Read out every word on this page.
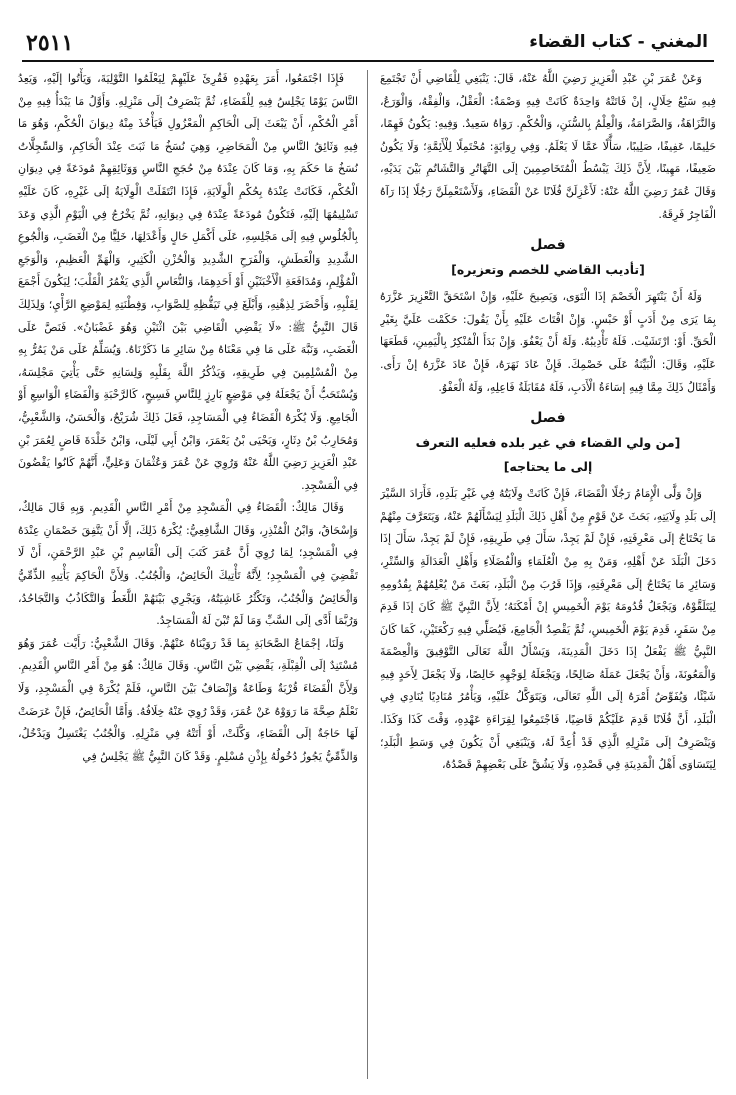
٢٥١١	المغني - كتاب القضاء

وَعَنْ عُمَرَ بْنِ عَبْدِ الْعَزِيزِ رَضِيَ اللَّهُ عَنْهُ، قَالَ: يَنْبَغِي لِلْقَاضِي أَنْ تَجْتَمِعَ فِيهِ سَبْعُ خِلَالٍ، إنْ فَاتَتْهُ وَاحِدَةٌ كَانَتْ فِيهِ وَصْمَةٌ: الْعَقْلُ، وَالْفِقْهُ، وَالْوَرَعُ، وَالنَّزَاهَةُ، وَالصَّرَامَةُ، وَالْعِلْمُ بِالسُّنَنِ، وَالْحُكْمِ. رَوَاهُ سَعِيدٌ. وَفِيهِ: يَكُونُ فَهِمًا، حَلِيمًا، عَفِيفًا، صَلِيبًا، سَأَّلًا عَمَّا لَا يَعْلَمُ. وَفِي رِوَايَةٍ: مُحْتَمِلًا لِلْأَئِمَّةِ؛ وَلَا يَكُونُ ضَعِيفًا، مَهِينًا، لِأَنَّ ذَلِكَ يَبْسُطُ الْمُتَخَاصِمِينَ إلَى التَّهَاتُرِ وَالتَّشَاتُمِ بَيْنَ يَدَيْهِ، وَقَالَ عُمَرُ رَضِيَ اللَّهُ عَنْهُ: لَأَعْزِلَنَّ فُلَانًا عَنْ الْقَضَاءِ، وَلَأَسْتَعْمِلَنَّ رَجُلًا إذَا رَآهُ الْفَاجِرُ فَرِقَهُ.

فصل

[تأديب القاضي للخصم وتعزيره]

وَلَهُ أَنْ يَنْتَهِرَ الْخَصْمَ إذَا الْتَوَى، وَيَصِيحَ عَلَيْهِ، وَإِنْ اسْتَحَقَّ التَّعْزِيرَ عَزَّرَهُ بِمَا يَرَى مِنْ أَدَبٍ أَوْ حَبْسٍ. وَإِنْ افْتَاتَ عَلَيْهِ بِأَنْ يَقُولَ: حَكَمْت عَلَيَّ بِغَيْرِ الْحَقِّ. أَوْ: ارْتَشَيْت. فَلَهُ تَأْدِيبُهُ. وَلَهُ أَنْ يَعْفُوَ. وَإِنْ بَدَأَ الْمُنْكِرُ بِالْيَمِينِ، قَطَعَهَا عَلَيْهِ، وَقَالَ: الْبَيِّنَةُ عَلَى خَصْمِكَ. فَإِنْ عَادَ نَهَرَهُ، فَإِنْ عَادَ عَزَّرَهُ إنْ رَأَى. وَأَمْثَالُ ذَلِكَ مِمَّا فِيهِ إسَاءَةُ الْأَدَبِ، فَلَهُ مُقَابَلَةُ فَاعِلِهِ، وَلَهُ الْعَفْوُ.

فصل

[من ولي القضاء في غير بلده فعليه التعرف

إلى ما يحتاجه]

وَإِنْ وَلَّى الْإِمَامُ رَجُلًا الْقَضَاءَ، فَإِنْ كَانَتْ وِلَايَتُهُ فِي غَيْرِ بَلَدِهِ، فَأَرَادَ السَّيْرَ إلَى بَلَدِ وِلَايَتِهِ، بَحَثَ عَنْ قَوْمٍ مِنْ أَهْلِ ذَلِكَ الْبَلَدِ لِيَسْأَلَهُمْ عَنْهُ، وَيَتَعَرَّفَ مِنْهُمْ مَا يَحْتَاجُ إلَى مَعْرِفَتِهِ، فَإِنْ لَمْ يَجِدْ، سَأَلَ فِي طَرِيقِهِ، فَإِنْ لَمْ يَجِدْ، سَأَلَ إذَا دَخَلَ الْبَلَدَ عَنْ أَهْلِهِ، وَمَنْ بِهِ مِنْ الْعُلَمَاءِ وَالْفُضَلَاءِ وَأَهْلِ الْعَدَالَةِ وَالسِّتْرِ، وَسَائِرِ مَا يَحْتَاجُ إلَى مَعْرِفَتِهِ، وَإِذَا قَرُبَ مِنْ الْبَلَدِ، بَعَثَ مَنْ يُعْلِمُهُمْ بِقُدُومِهِ لِيَتَلَقَّوْهُ، وَيَجْعَلُ قُدُومَهُ يَوْمَ الْخَمِيسِ إنْ أَمْكَنَهُ؛ لِأَنَّ النَّبِيَّ ﷺ كَانَ إذَا قَدِمَ مِنْ سَفَرٍ، قَدِمَ يَوْمَ الْخَمِيسِ، ثُمَّ يَقْصِدُ الْجَامِعَ، فَيُصَلِّي فِيهِ رَكْعَتَيْنِ، كَمَا كَانَ النَّبِيُّ ﷺ يَفْعَلُ إذَا دَخَلَ الْمَدِينَةَ، وَيَسْأَلُ اللَّهَ تَعَالَى التَّوْفِيقَ وَالْعِصْمَةَ وَالْمَعُونَةَ، وَأَنْ يَجْعَلَ عَمَلَهُ صَالِحًا، وَيَجْعَلَهُ لِوَجْهِهِ خَالِصًا، وَلَا يَجْعَلَ لِأَحَدٍ فِيهِ شَيْئًا، وَيُفَوِّضُ أَمْرَهُ إلَى اللَّهِ تَعَالَى، وَيَتَوَكَّلُ عَلَيْهِ، وَيَأْمُرُ مُنَادِيًا يُنَادِي فِي الْبَلَدِ، أَنَّ فُلَانًا قَدِمَ عَلَيْكُمْ قَاضِيًا، فَاجْتَمِعُوا لِقِرَاءَةِ عَهْدِهِ، وَقْتَ كَذَا وَكَذَا. وَيَنْصَرِفُ إلَى مَنْزِلِهِ الَّذِي قَدْ أُعِدَّ لَهُ، وَيَنْبَغِي أَنْ يَكُونَ فِي وَسَطِ الْبَلَدِ؛ لِيَتَسَاوَى أَهْلُ الْمَدِينَةِ فِي قَصْدِهِ، وَلَا يَشُقَّ عَلَى بَعْضِهِمْ قَصْدُهُ،

فَإِذَا اجْتَمَعُوا، أَمَرَ بِعَهْدِهِ فَقُرِئَ عَلَيْهِمْ لِيَعْلَمُوا التَّوْلِيَةَ، وَيَأْتُوا إلَيْهِ، وَيَعِدُ النَّاسَ يَوْمًا يَجْلِسُ فِيهِ لِلْقَضَاءِ، ثُمَّ يَنْصَرِفُ إلَى مَنْزِلِهِ. وَأَوَّلُ مَا يَبْدَأُ فِيهِ مِنْ أَمْرِ الْحُكْمِ، أَنْ يَبْعَثَ إلَى الْحَاكِمِ الْمَعْزُولِ فَيَأْخُذَ مِنْهُ دِيوَانَ الْحُكْمِ، وَهُوَ مَا فِيهِ وَثَائِقُ النَّاسِ مِنْ الْمَحَاضِرِ، وَهِيَ نُسَخُ مَا ثَبَتَ عِنْدَ الْحَاكِمِ، وَالسِّجِلَّاتُ نُسَخُ مَا حَكَمَ بِهِ، وَمَا كَانَ عِنْدَهُ مِنْ حُجَجِ النَّاسِ وَوَثَائِقِهِمْ مُودَعَةً فِي دِيوَانِ الْحُكْمِ، فَكَانَتْ عِنْدَهُ بِحُكْمِ الْوِلَايَةِ، فَإِذَا انْتَقَلَتْ الْوِلَايَةُ إلَى غَيْرِهِ، كَانَ عَلَيْهِ تَسْلِيمُهَا إلَيْهِ، فَتَكُونُ مُودَعَةً عِنْدَهُ فِي دِيوَانِهِ، ثُمَّ يَخْرُجُ فِي الْيَوْمِ الَّذِي وَعَدَ بِالْجُلُوسِ فِيهِ إلَى مَجْلِسِهِ، عَلَى أَكْمَلِ حَالٍ وَأَعْدَلِهَا، خَلِيًّا مِنْ الْغَضَبِ، وَالْجُوعِ الشَّدِيدِ وَالْعَطَشِ، وَالْفَرَحِ الشَّدِيدِ وَالْحُزْنِ الْكَثِيرِ، وَالْهَمِّ الْعَظِيمِ، وَالْوَجَعِ الْمُؤْلِمِ، وَمُدَافَعَةِ الْأَخْبَثَيْنِ أَوْ أَحَدِهِمَا، وَالنُّعَاسِ الَّذِي يَغْمُرُ الْقَلْبَ؛ لِيَكُونَ أَجْمَعَ لِقَلْبِهِ، وَأَحْضَرَ لِذِهْنِهِ، وَأَبْلَغَ فِي تَيَقُّظِهِ لِلصَّوَابِ، وَفِطْنَتِهِ لِمَوْضِعِ الرَّأْيِ؛ وَلِذَلِكَ قَالَ النَّبِيُّ ﷺ: «لَا يَقْضِي الْقَاضِي بَيْنَ اثْنَيْنِ وَهُوَ غَضْبَانُ». فَنَصَّ عَلَى الْغَضَبِ، وَنَبَّهَ عَلَى مَا فِي مَعْنَاهُ مِنْ سَائِرِ مَا ذَكَرْنَاهُ. وَيُسَلِّمُ عَلَى مَنْ يَمُرُّ بِهِ مِنْ الْمُسْلِمِينَ فِي طَرِيقِهِ، وَيَذْكُرُ اللَّهَ بِقَلْبِهِ وَلِسَانِهِ حَتَّى يَأْتِيَ مَجْلِسَهُ، وَيُسْتَحَبُّ أَنْ يَجْعَلَهُ فِي مَوْضِعٍ بَارِزٍ لِلنَّاسِ فَسِيحٍ، كَالرَّحْبَةِ وَالْفَضَاءِ الْوَاسِعِ أَوْ الْجَامِعِ. وَلَا يُكْرَهُ الْقَضَاءُ فِي الْمَسَاجِدِ، فَعَلَ ذَلِكَ شُرَيْحٌ، وَالْحَسَنُ، وَالشَّعْبِيُّ، وَمُحَارِبُ بْنُ دِثَارٍ، وَيَحْيَى بْنُ يَعْمَرَ، وَابْنُ أَبِي لَيْلَى، وَابْنُ خَلْدَةَ قَاضٍ لِعُمَرَ بْنِ عَبْدِ الْعَزِيزِ رَضِيَ اللَّهُ عَنْهُ وَرُوِيَ عَنْ عُمَرَ وَعُثْمَانَ وَعَلِيٍّ، أَنَّهُمْ كَانُوا يَقْضُونَ فِي الْمَسْجِدِ.

وَقَالَ مَالِكٌ: الْقَضَاءُ فِي الْمَسْجِدِ مِنْ أَمْرِ النَّاسِ الْقَدِيمِ. وَبِهِ قَالَ مَالِكٌ، وَإِسْحَاقُ، وَابْنُ الْمُنْذِرِ، وَقَالَ الشَّافِعِيُّ: يُكْرَهُ ذَلِكَ، إلَّا أَنْ يَتَّفِقَ خَصْمَانِ عِنْدَهُ فِي الْمَسْجِدِ؛ لِمَا رُوِيَ أَنَّ عُمَرَ كَتَبَ إلَى الْقَاسِمِ بْنِ عَبْدِ الرَّحْمَنِ، أَنْ لَا تَقْضِيَ فِي الْمَسْجِدِ؛ لِأَنَّهُ تَأْتِيكَ الْحَائِضُ، وَالْجُنُبُ. وَلِأَنَّ الْحَاكِمَ يَأْتِيهِ الذِّمِّيُّ وَالْحَائِضُ وَالْجُنُبُ، وَتَكْثُرُ غَاشِيَتُهُ، وَيَجْرِي بَيْنَهُمْ اللَّغَطُ وَالتَّكَاذُبُ وَالتَّجَاحُدُ، وَرُبَّمَا أَدَّى إلَى السَّبِّ وَمَا لَمْ تُبْنَ لَهُ الْمَسَاجِدُ.

وَلَنَا، إجْمَاعُ الصَّحَابَةِ بِمَا قَدْ رَوَيْنَاهُ عَنْهُمْ. وَقَالَ الشَّعْبِيُّ: رَأَيْت عُمَرَ وَهُوَ مُسْتَنِدٌ إلَى الْقِبْلَةِ، يَقْضِي بَيْنَ النَّاسِ. وَقَالَ مَالِكٌ: هُوَ مِنْ أَمْرِ النَّاسِ الْقَدِيمِ. وَلِأَنَّ الْقَضَاءَ قُرْبَةٌ وَطَاعَةٌ وَإِنْصَافٌ بَيْنَ النَّاسِ، فَلَمْ يُكْرَهْ فِي الْمَسْجِدِ، وَلَا نَعْلَمُ صِحَّةَ مَا رَوَوْهُ عَنْ عُمَرَ، وَقَدْ رُوِيَ عَنْهُ خِلَافُهُ. وَأَمَّا الْحَائِضُ، فَإِنْ عَرَضَتْ لَهَا حَاجَةٌ إلَى الْقَضَاءِ، وَكَّلَتْ، أَوْ أَتَتْهُ فِي مَنْزِلِهِ. وَالْجُنُبُ يَغْتَسِلُ وَيَدْخُلُ، وَالذِّمِّيُّ يَجُوزُ دُخُولُهُ بِإِذْنِ مُسْلِمٍ. وَقَدْ كَانَ النَّبِيُّ ﷺ يَجْلِسُ فِي
